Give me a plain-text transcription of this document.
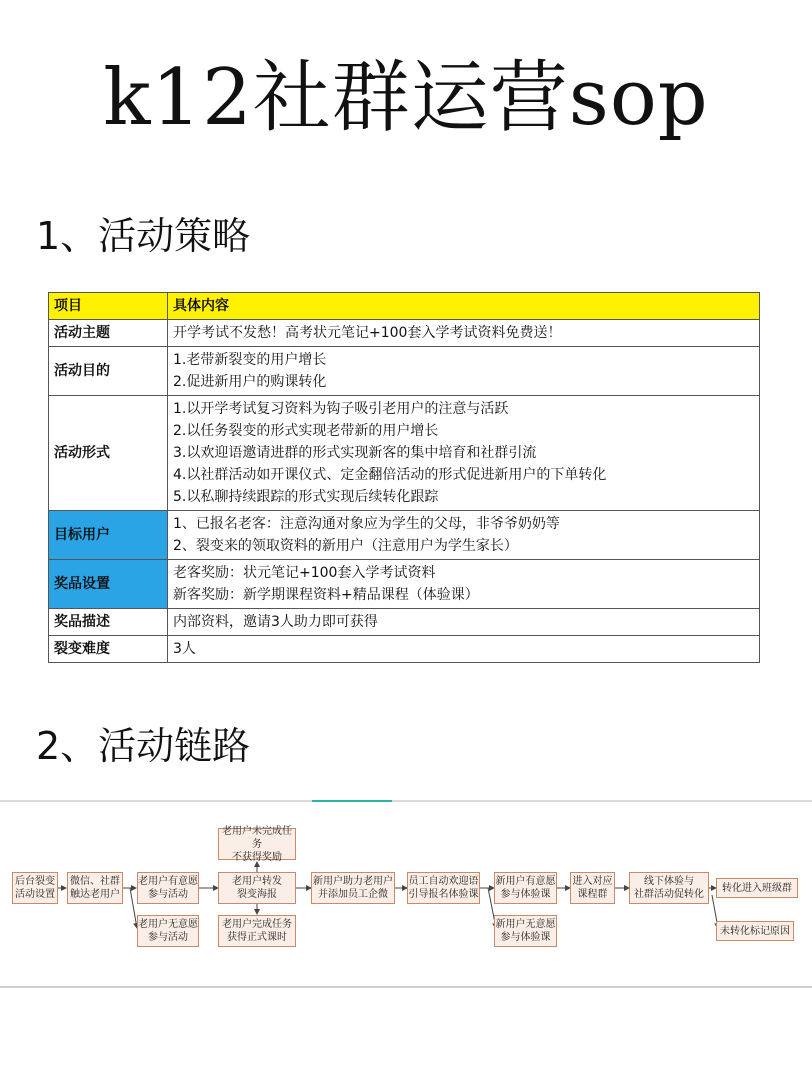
k12社群运营sop
1、活动策略
项目	具体内容
活动主题	开学考试不发愁！高考状元笔记+100套入学考试资料免费送！

活动目的	1.老带新裂变的用户增长
2.促进新用户的购课转化

活动形式	1.以开学考试复习资料为钩子吸引老用户的注意与活跃
2.以任务裂变的形式实现老带新的用户增长
3.以欢迎语邀请进群的形式实现新客的集中培育和社群引流
4.以社群活动如开课仪式、定金翻倍活动的形式促进新用户的下单转化
5.以私聊持续跟踪的形式实现后续转化跟踪

目标用户	1、已报名老客：注意沟通对象应为学生的父母，非爷爷奶奶等
2、裂变来的领取资料的新用户（注意用户为学生家长）

奖品设置	老客奖励：状元笔记+100套入学考试资料
新客奖励：新学期课程资料+精品课程（体验课）

奖品描述	内部资料，邀请3人助力即可获得

裂变难度	3人
2、活动链路
后台裂变
活动设置
微信、社群
触达老用户
老用户有意愿
参与活动
老用户无意愿
参与活动
老用户未完成任务
不获得奖励
老用户转发
裂变海报
老用户完成任务
获得正式课时
新用户助力老用户
并添加员工企微
员工自动欢迎语
引导报名体验课
新用户有意愿
参与体验课
新用户无意愿
参与体验课
进入对应
课程群
线下体验与
社群活动促转化
转化进入班级群
未转化标记原因
